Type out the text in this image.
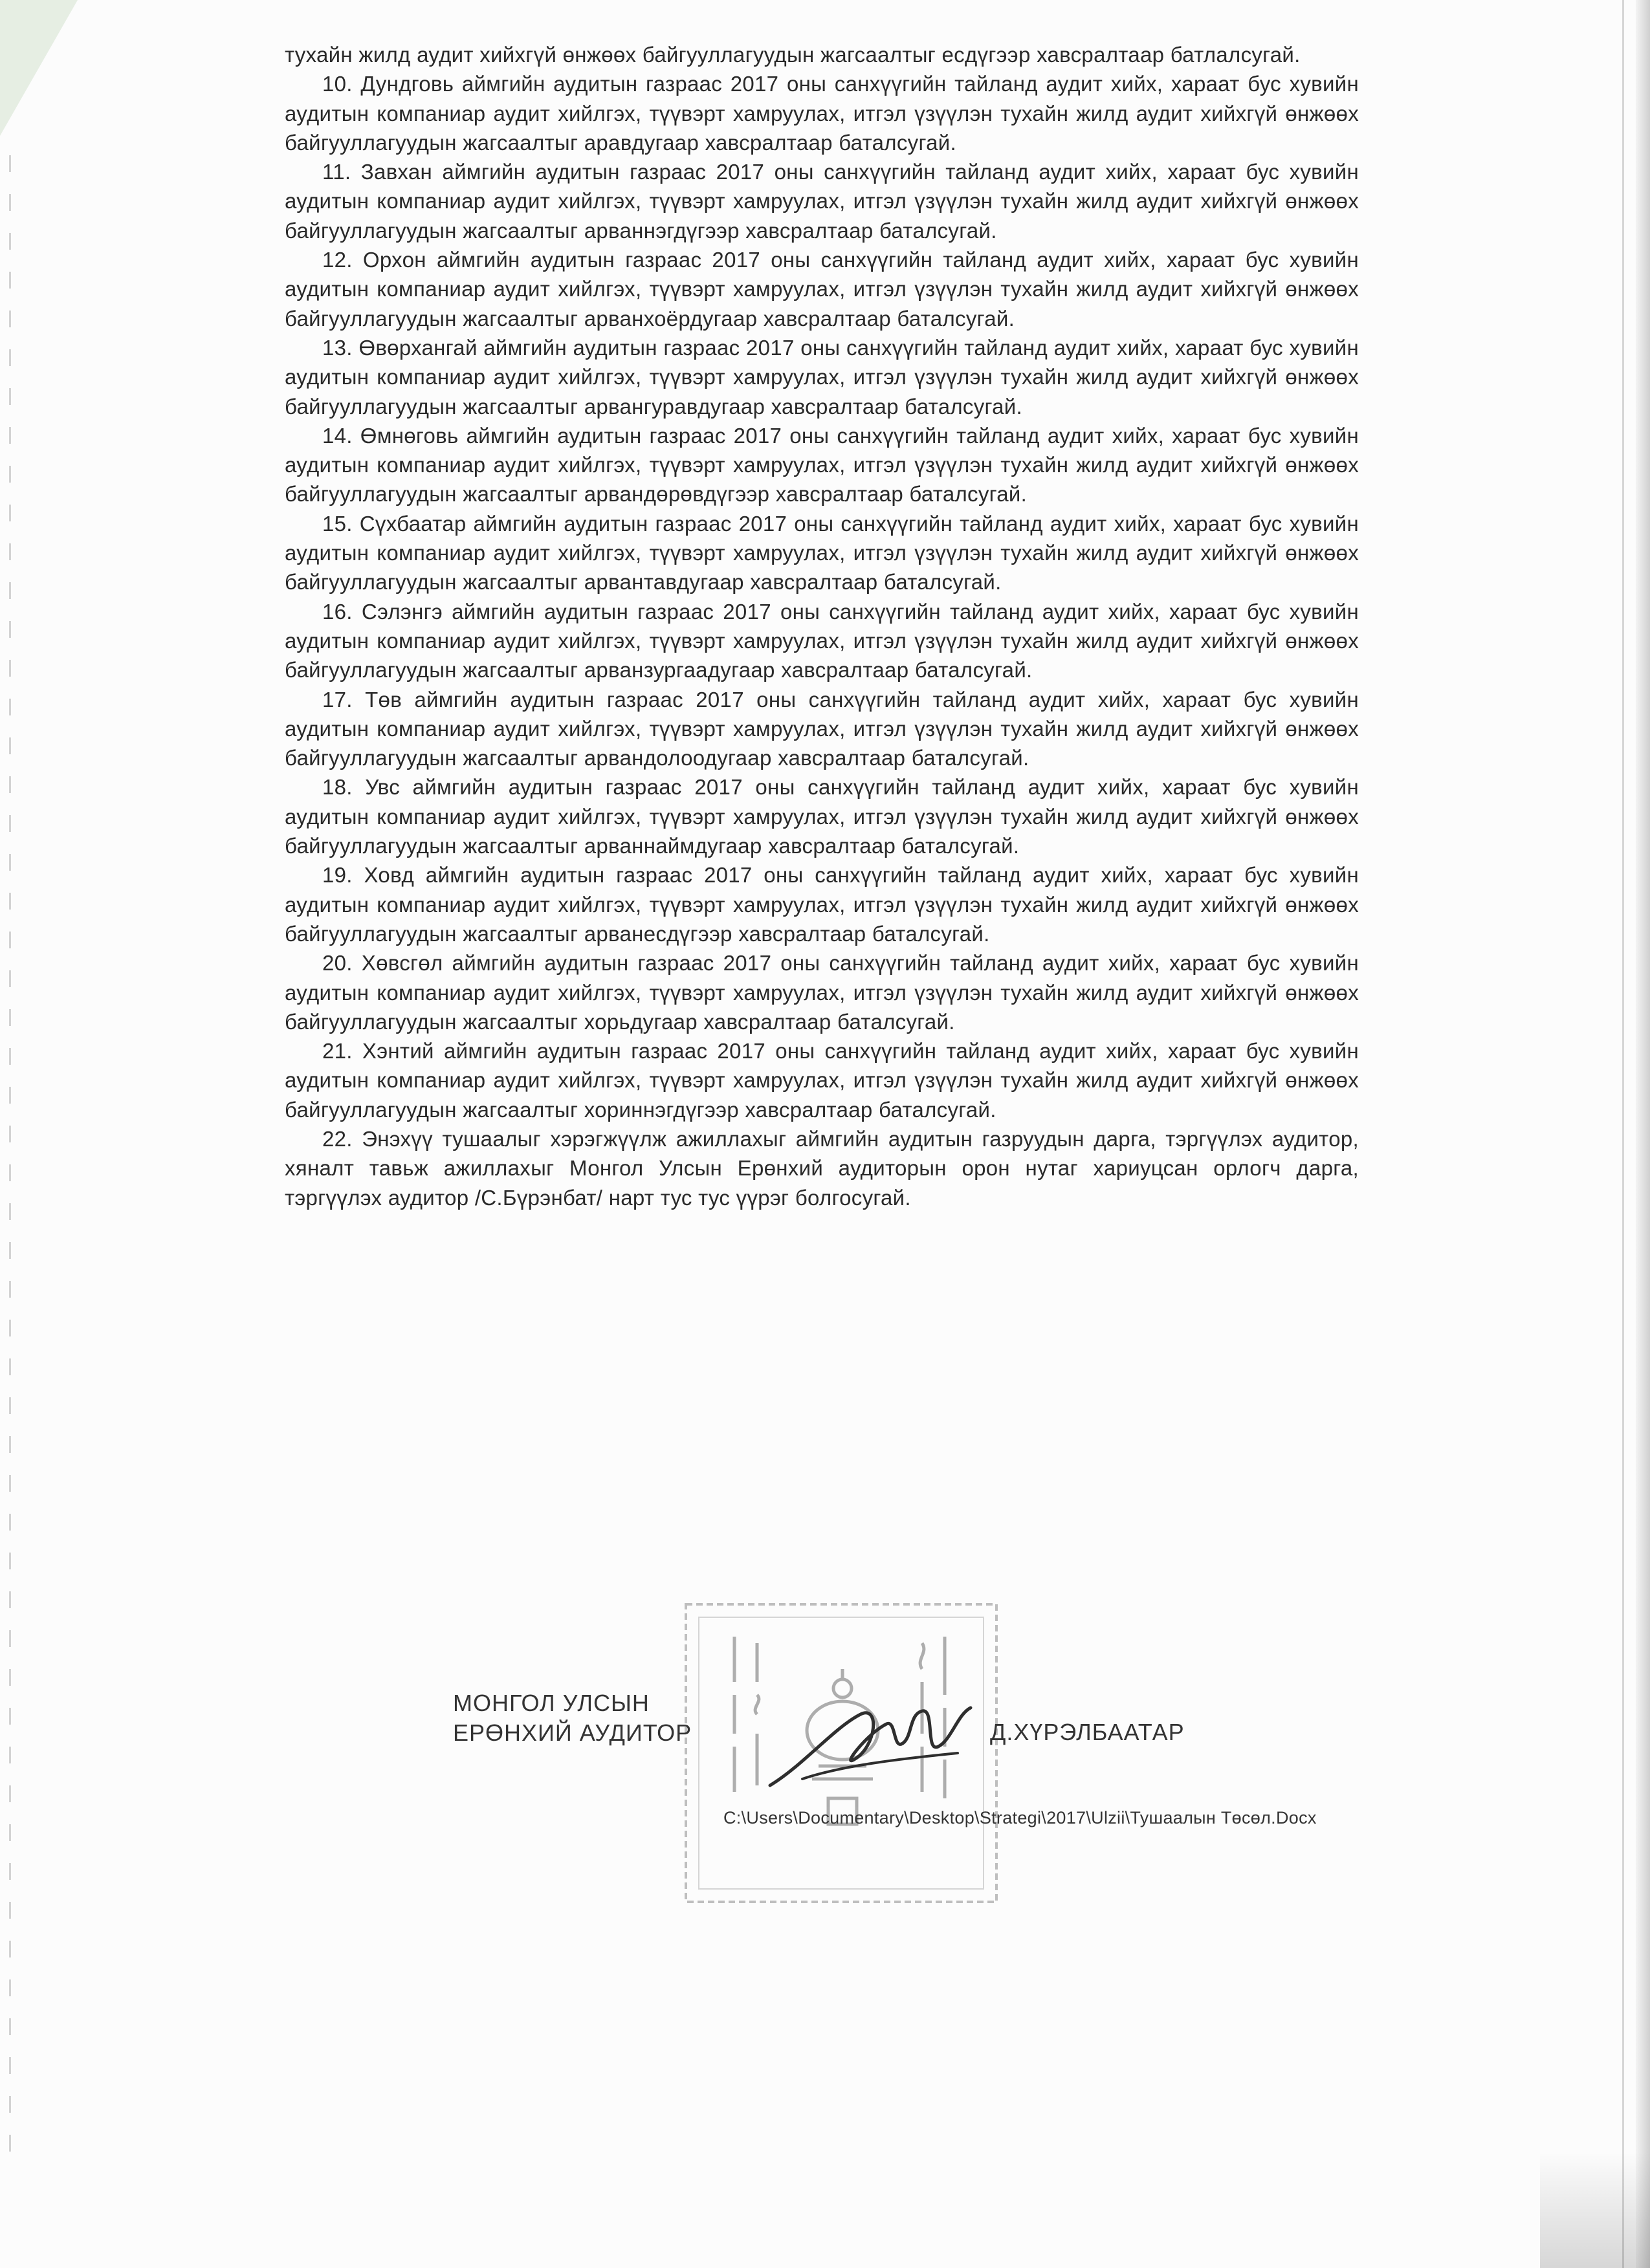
тухайн жилд аудит хийхгүй өнжөөх байгууллагуудын жагсаалтыг есдүгээр хавсралтаар батлалсугай.

10. Дундговь аймгийн аудитын газраас 2017 оны санхүүгийн тайланд аудит хийх, хараат бус хувийн аудитын компаниар аудит хийлгэх, түүвэрт хамруулах, итгэл үзүүлэн тухайн жилд аудит хийхгүй өнжөөх байгууллагуудын жагсаалтыг аравдугаар хавсралтаар баталсугай.

11. Завхан аймгийн аудитын газраас 2017 оны санхүүгийн тайланд аудит хийх, хараат бус хувийн аудитын компаниар аудит хийлгэх, түүвэрт хамруулах, итгэл үзүүлэн тухайн жилд аудит хийхгүй өнжөөх байгууллагуудын жагсаалтыг арваннэгдүгээр хавсралтаар баталсугай.

12. Орхон аймгийн аудитын газраас 2017 оны санхүүгийн тайланд аудит хийх, хараат бус хувийн аудитын компаниар аудит хийлгэх, түүвэрт хамруулах, итгэл үзүүлэн тухайн жилд аудит хийхгүй өнжөөх байгууллагуудын жагсаалтыг арванхоёрдугаар хавсралтаар баталсугай.

13. Өвөрхангай аймгийн аудитын газраас 2017 оны санхүүгийн тайланд аудит хийх, хараат бус хувийн аудитын компаниар аудит хийлгэх, түүвэрт хамруулах, итгэл үзүүлэн тухайн жилд аудит хийхгүй өнжөөх байгууллагуудын жагсаалтыг арвангуравдугаар хавсралтаар баталсугай.

14. Өмнөговь аймгийн аудитын газраас 2017 оны санхүүгийн тайланд аудит хийх, хараат бус хувийн аудитын компаниар аудит хийлгэх, түүвэрт хамруулах, итгэл үзүүлэн тухайн жилд аудит хийхгүй өнжөөх байгууллагуудын жагсаалтыг арвандөрөвдүгээр хавсралтаар баталсугай.

15. Сүхбаатар аймгийн аудитын газраас 2017 оны санхүүгийн тайланд аудит хийх, хараат бус хувийн аудитын компаниар аудит хийлгэх, түүвэрт хамруулах, итгэл үзүүлэн тухайн жилд аудит хийхгүй өнжөөх байгууллагуудын жагсаалтыг арвантавдугаар хавсралтаар баталсугай.

16. Сэлэнгэ аймгийн аудитын газраас 2017 оны санхүүгийн тайланд аудит хийх, хараат бус хувийн аудитын компаниар аудит хийлгэх, түүвэрт хамруулах, итгэл үзүүлэн тухайн жилд аудит хийхгүй өнжөөх байгууллагуудын жагсаалтыг арванзургаадугаар хавсралтаар баталсугай.

17. Төв аймгийн аудитын газраас 2017 оны санхүүгийн тайланд аудит хийх, хараат бус хувийн аудитын компаниар аудит хийлгэх, түүвэрт хамруулах, итгэл үзүүлэн тухайн жилд аудит хийхгүй өнжөөх байгууллагуудын жагсаалтыг арвандолоодугаар хавсралтаар баталсугай.

18. Увс аймгийн аудитын газраас 2017 оны санхүүгийн тайланд аудит хийх, хараат бус хувийн аудитын компаниар аудит хийлгэх, түүвэрт хамруулах, итгэл үзүүлэн тухайн жилд аудит хийхгүй өнжөөх байгууллагуудын жагсаалтыг арваннаймдугаар хавсралтаар баталсугай.

19. Ховд аймгийн аудитын газраас 2017 оны санхүүгийн тайланд аудит хийх, хараат бус хувийн аудитын компаниар аудит хийлгэх, түүвэрт хамруулах, итгэл үзүүлэн тухайн жилд аудит хийхгүй өнжөөх байгууллагуудын жагсаалтыг арванесдүгээр хавсралтаар баталсугай.

20. Хөвсгөл аймгийн аудитын газраас 2017 оны санхүүгийн тайланд аудит хийх, хараат бус хувийн аудитын компаниар аудит хийлгэх, түүвэрт хамруулах, итгэл үзүүлэн тухайн жилд аудит хийхгүй өнжөөх байгууллагуудын жагсаалтыг хорьдугаар хавсралтаар баталсугай.

21. Хэнтий аймгийн аудитын газраас 2017 оны санхүүгийн тайланд аудит хийх, хараат бус хувийн аудитын компаниар аудит хийлгэх, түүвэрт хамруулах, итгэл үзүүлэн тухайн жилд аудит хийхгүй өнжөөх байгууллагуудын жагсаалтыг хориннэгдүгээр хавсралтаар баталсугай.

22. Энэхүү тушаалыг хэрэгжүүлж ажиллахыг аймгийн аудитын газруудын дарга, тэргүүлэх аудитор, хяналт тавьж ажиллахыг Монгол Улсын Ерөнхий аудиторын орон нутаг хариуцсан орлогч дарга, тэргүүлэх аудитор /С.Бүрэнбат/ нарт тус тус үүрэг болгосугай.

МОНГОЛ УЛСЫН
ЕРӨНХИЙ АУДИТОР	Д.ХҮРЭЛБААТАР
C:\Users\Documentary\Desktop\Strategi\2017\Ulzii\Тушаалын Төсөл.Docx
